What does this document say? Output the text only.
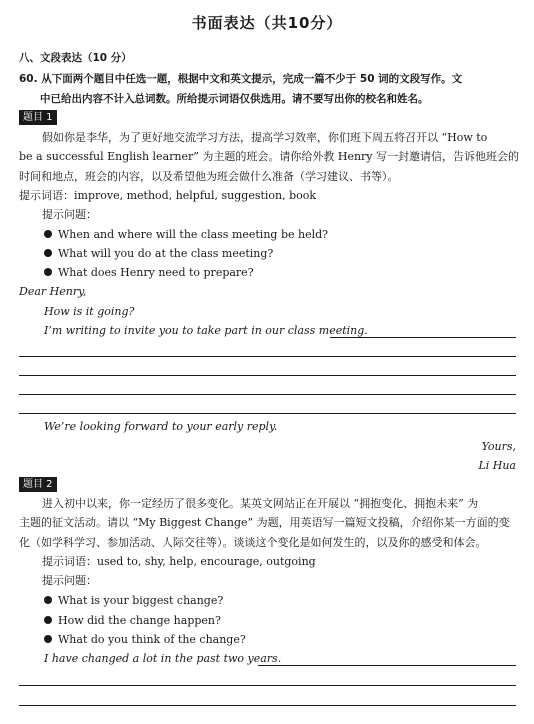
书面表达（共10分）
八、文段表达（10 分）
60. 从下面两个题目中任选一题，根据中文和英文提示，完成一篇不少于 50 词的文段写作。文
中已给出内容不计入总词数。所给提示词语仅供选用。请不要写出你的校名和姓名。
题目 1
假如你是李华，为了更好地交流学习方法，提高学习效率，你们班下周五将召开以 “How to
be a successful English learner” 为主题的班会。请你给外教 Henry 写一封邀请信，告诉他班会的
时间和地点，班会的内容，以及希望他为班会做什么准备（学习建议、书等）。
提示词语：improve, method, helpful, suggestion, book
提示问题：
When and where will the class meeting be held?
What will you do at the class meeting?
What does Henry need to prepare?
Dear Henry,
How is it going?
I’m writing to invite you to take part in our class meeting.
We’re looking forward to your early reply.
Yours,
Li Hua
题目 2
进入初中以来，你一定经历了很多变化。某英文网站正在开展以 “拥抱变化、拥抱未来” 为
主题的征文活动。请以 “My Biggest Change” 为题，用英语写一篇短文投稿，介绍你某一方面的变
化（如学科学习、参加活动、人际交往等）。谈谈这个变化是如何发生的，以及你的感受和体会。
提示词语：used to, shy, help, encourage, outgoing
提示问题：
What is your biggest change?
How did the change happen?
What do you think of the change?
I have changed a lot in the past two years.
